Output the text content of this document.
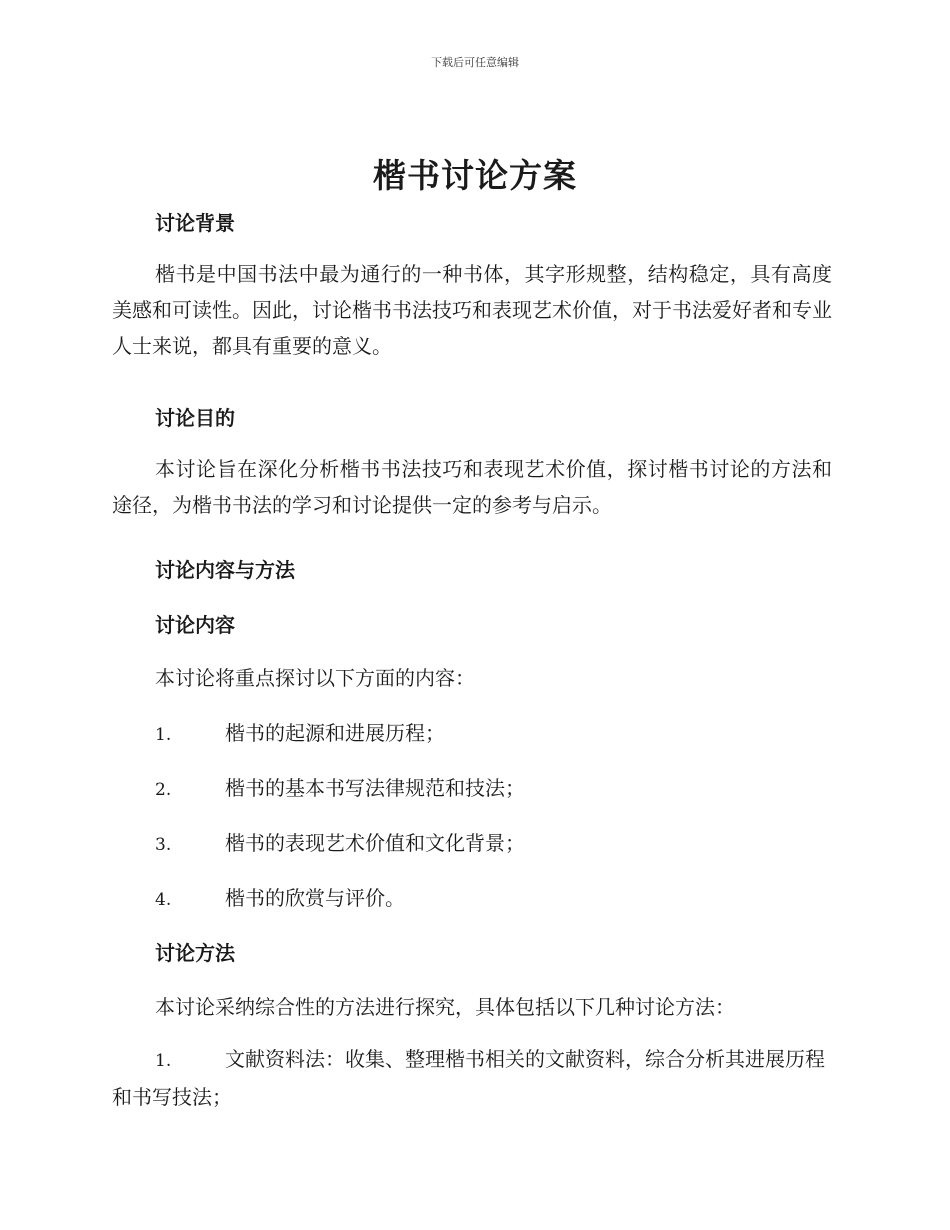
下载后可任意编辑
楷书讨论方案
讨论背景
楷书是中国书法中最为通行的一种书体，其字形规整，结构稳定，具有高度美感和可读性。因此，讨论楷书书法技巧和表现艺术价值，对于书法爱好者和专业人士来说，都具有重要的意义。
讨论目的
本讨论旨在深化分析楷书书法技巧和表现艺术价值，探讨楷书讨论的方法和途径，为楷书书法的学习和讨论提供一定的参考与启示。
讨论内容与方法
讨论内容
本讨论将重点探讨以下方面的内容：
1.	楷书的起源和进展历程；
2.	楷书的基本书写法律规范和技法；
3.	楷书的表现艺术价值和文化背景；
4.	楷书的欣赏与评价。
讨论方法
本讨论采纳综合性的方法进行探究，具体包括以下几种讨论方法：
1.	文献资料法：收集、整理楷书相关的文献资料，综合分析其进展历程和书写技法；
